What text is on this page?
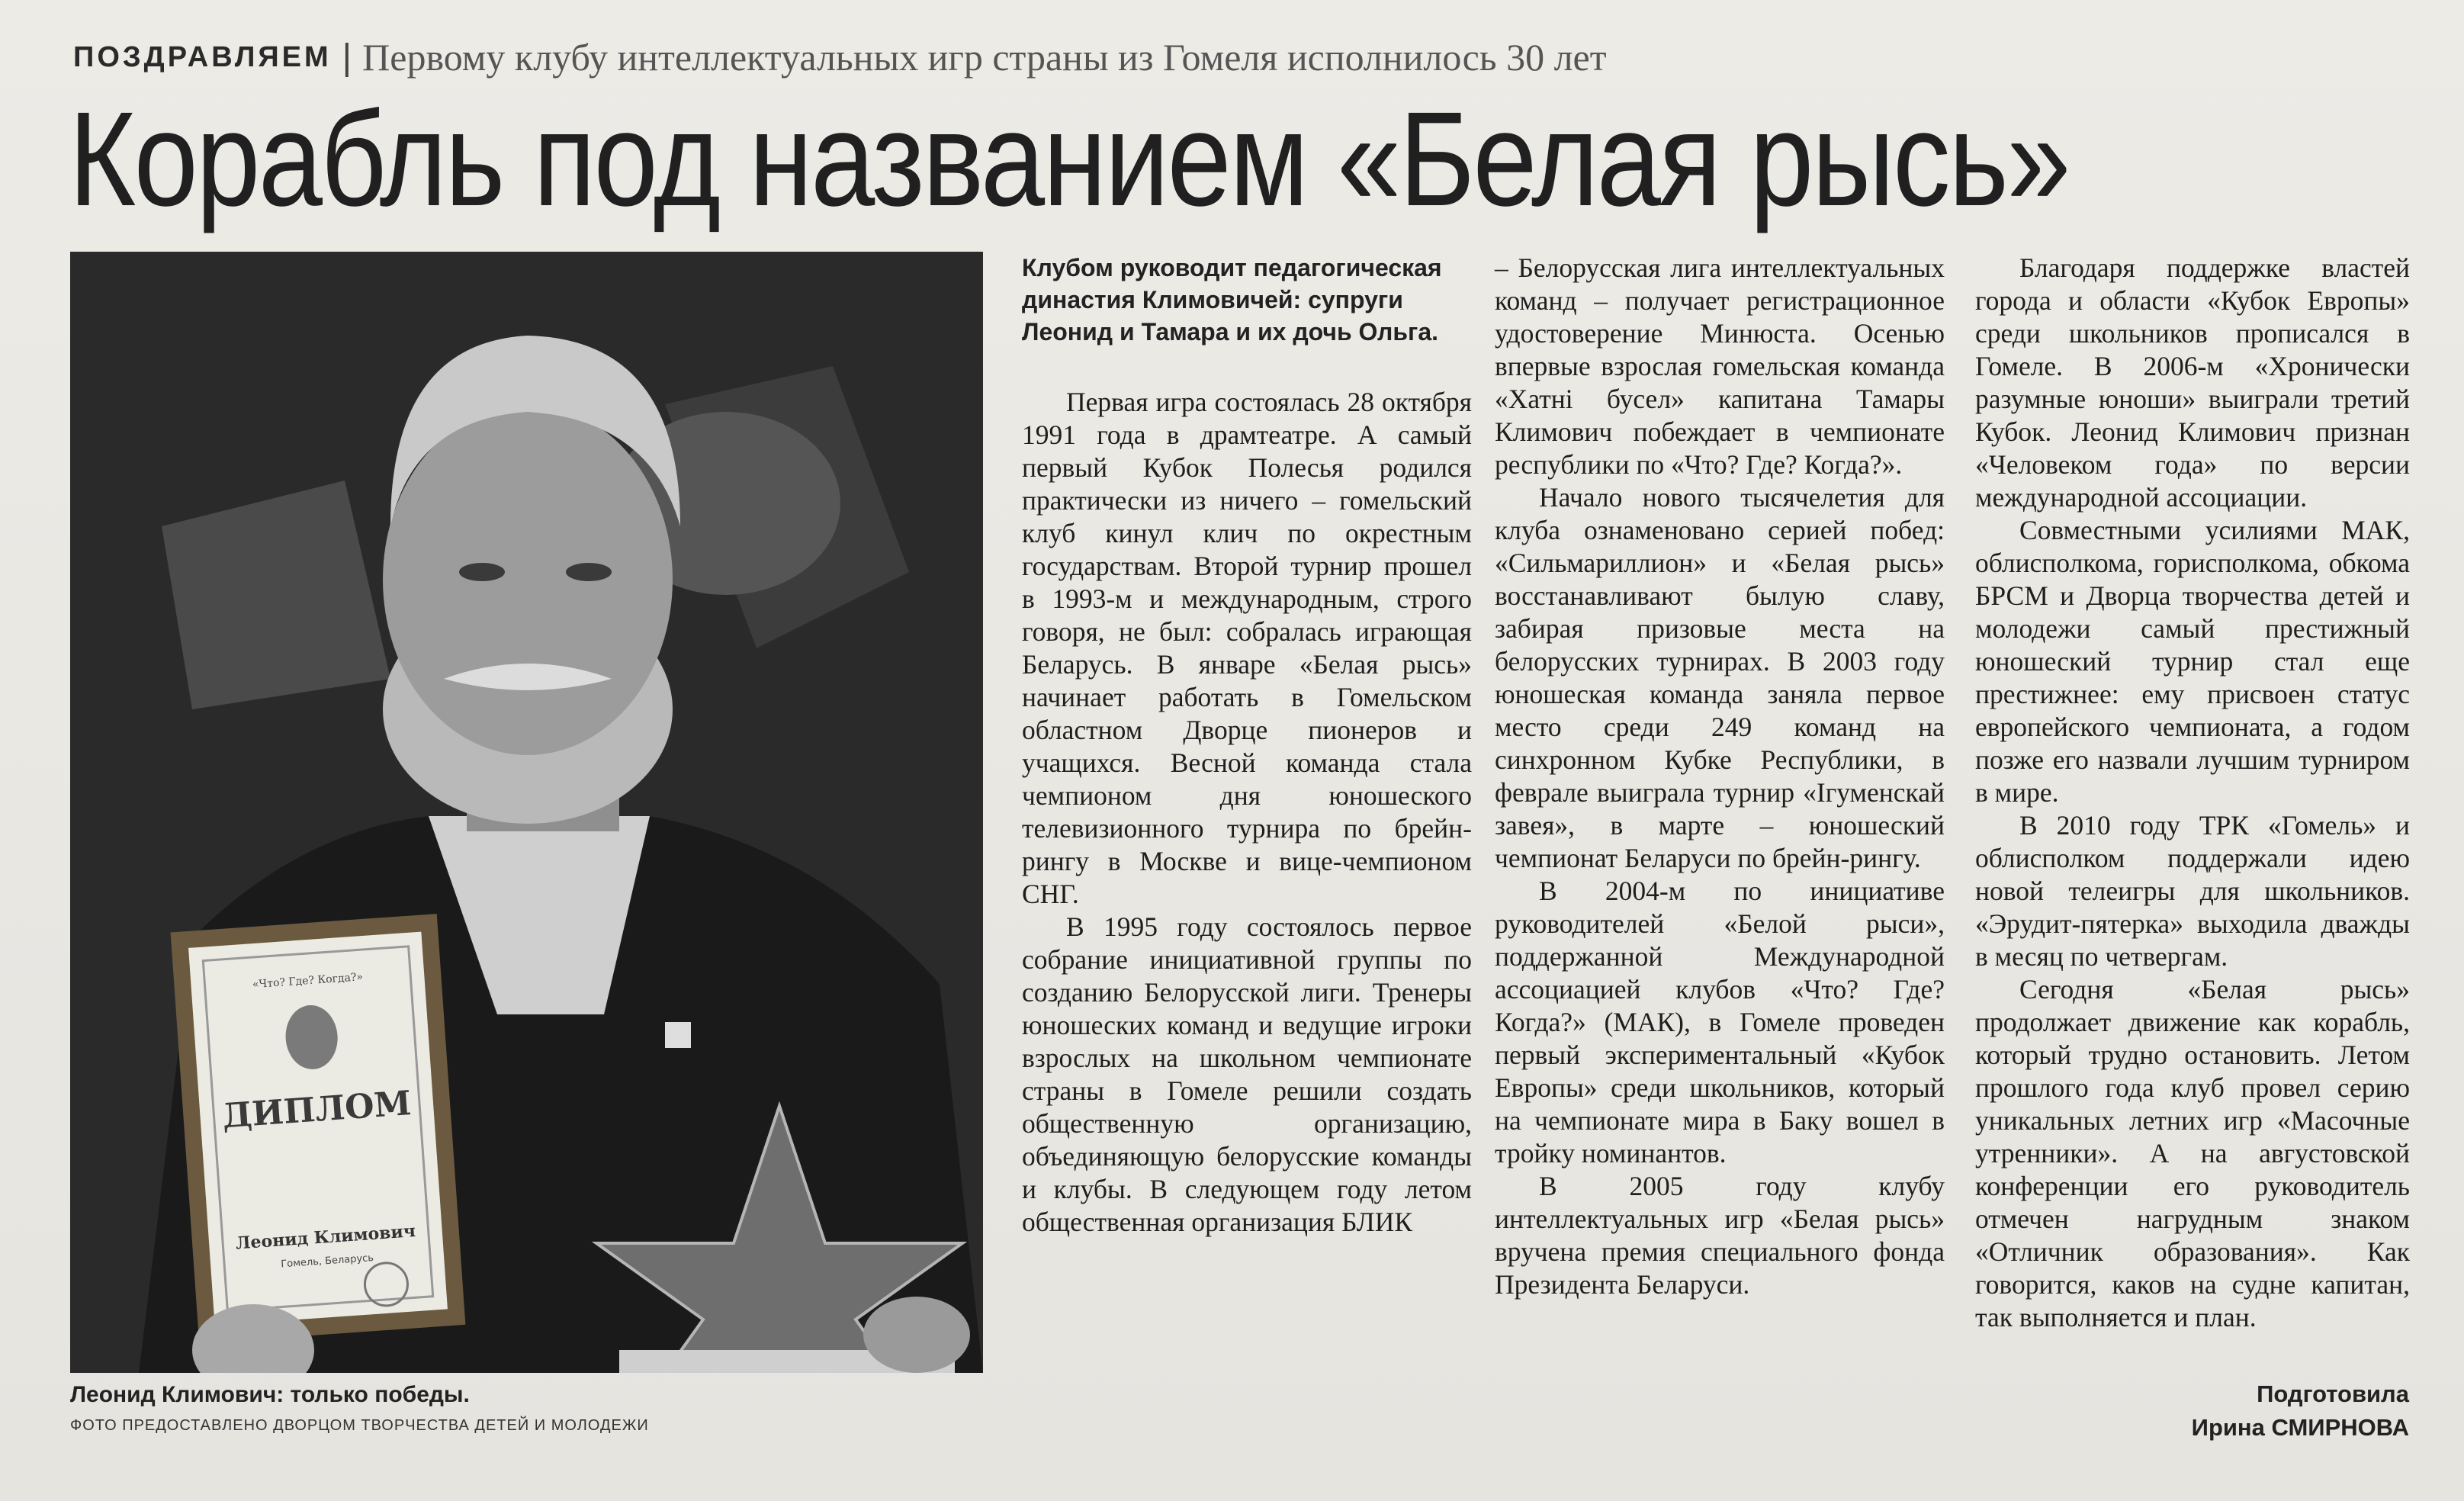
ПОЗДРАВЛЯЕМ | Первому клубу интеллектуальных игр страны из Гомеля исполнилось 30 лет
Корабль под названием «Белая рысь»
ДИПЛОМ
«Что? Где? Когда?»
Леонид Климович
Гомель, Беларусь
Леонид Климович: только победы.
ФОТО ПРЕДОСТАВЛЕНО ДВОРЦОМ ТВОРЧЕСТВА ДЕТЕЙ И МОЛОДЕЖИ
Клубом руководит педагогическая династия Климовичей: супруги Леонид и Тамара и их дочь Ольга.

Первая игра состоялась 28 октября 1991 года в драмтеатре. А самый первый Кубок Полесья родился практически из ничего – гомельский клуб кинул клич по окрестным государствам. Второй турнир прошел в 1993-м и международным, строго говоря, не был: собралась играющая Беларусь. В январе «Белая рысь» начинает работать в Гомельском областном Дворце пионеров и учащихся. Весной команда стала чемпионом дня юношеского телевизионного турнира по брейн-рингу в Москве и вице-чемпионом СНГ.

В 1995 году состоялось первое собрание инициативной группы по созданию Белорусской лиги. Тренеры юношеских команд и ведущие игроки взрослых на школьном чемпионате страны в Гомеле решили создать общественную организацию, объединяющую белорусские команды и клубы. В следующем году летом общественная организация БЛИК

– Белорусская лига интеллектуальных команд – получает регистрационное удостоверение Минюста. Осенью впервые взрослая гомельская команда «Хатні бусел» капитана Тамары Климович побеждает в чемпионате республики по «Что? Где? Когда?».

Начало нового тысячелетия для клуба ознаменовано серией побед: «Сильмариллион» и «Белая рысь» восстанавливают былую славу, забирая призовые места на белорусских турнирах. В 2003 году юношеская команда заняла первое место среди 249 команд на синхронном Кубке Республики, в феврале выиграла турнир «Ігуменскай завея», в марте – юношеский чемпионат Беларуси по брейн-рингу.

В 2004-м по инициативе руководителей «Белой рыси», поддержанной Международной ассоциацией клубов «Что? Где? Когда?» (МАК), в Гомеле проведен первый экспериментальный «Кубок Европы» среди школьников, который на чемпионате мира в Баку вошел в тройку номинантов.

В 2005 году клубу интеллектуальных игр «Белая рысь» вручена премия специального фонда Президента Беларуси.

Благодаря поддержке властей города и области «Кубок Европы» среди школьников прописался в Гомеле. В 2006-м «Хронически разумные юноши» выиграли третий Кубок. Леонид Климович признан «Человеком года» по версии международной ассоциации.

Совместными усилиями МАК, облисполкома, горисполкома, обкома БРСМ и Дворца творчества детей и молодежи самый престижный юношеский турнир стал еще престижнее: ему присвоен статус европейского чемпионата, а годом позже его назвали лучшим турниром в мире.

В 2010 году ТРК «Гомель» и облисполком поддержали идею новой телеигры для школьников. «Эрудит-пятерка» выходила дважды в месяц по четвергам.

Сегодня «Белая рысь» продолжает движение как корабль, который трудно остановить. Летом прошлого года клуб провел серию уникальных летних игр «Масочные утренники». А на августовской конференции его руководитель отмечен нагрудным знаком «Отличник образования». Как говорится, каков на судне капитан, так выполняется и план.

Подготовила
Ирина СМИРНОВА
